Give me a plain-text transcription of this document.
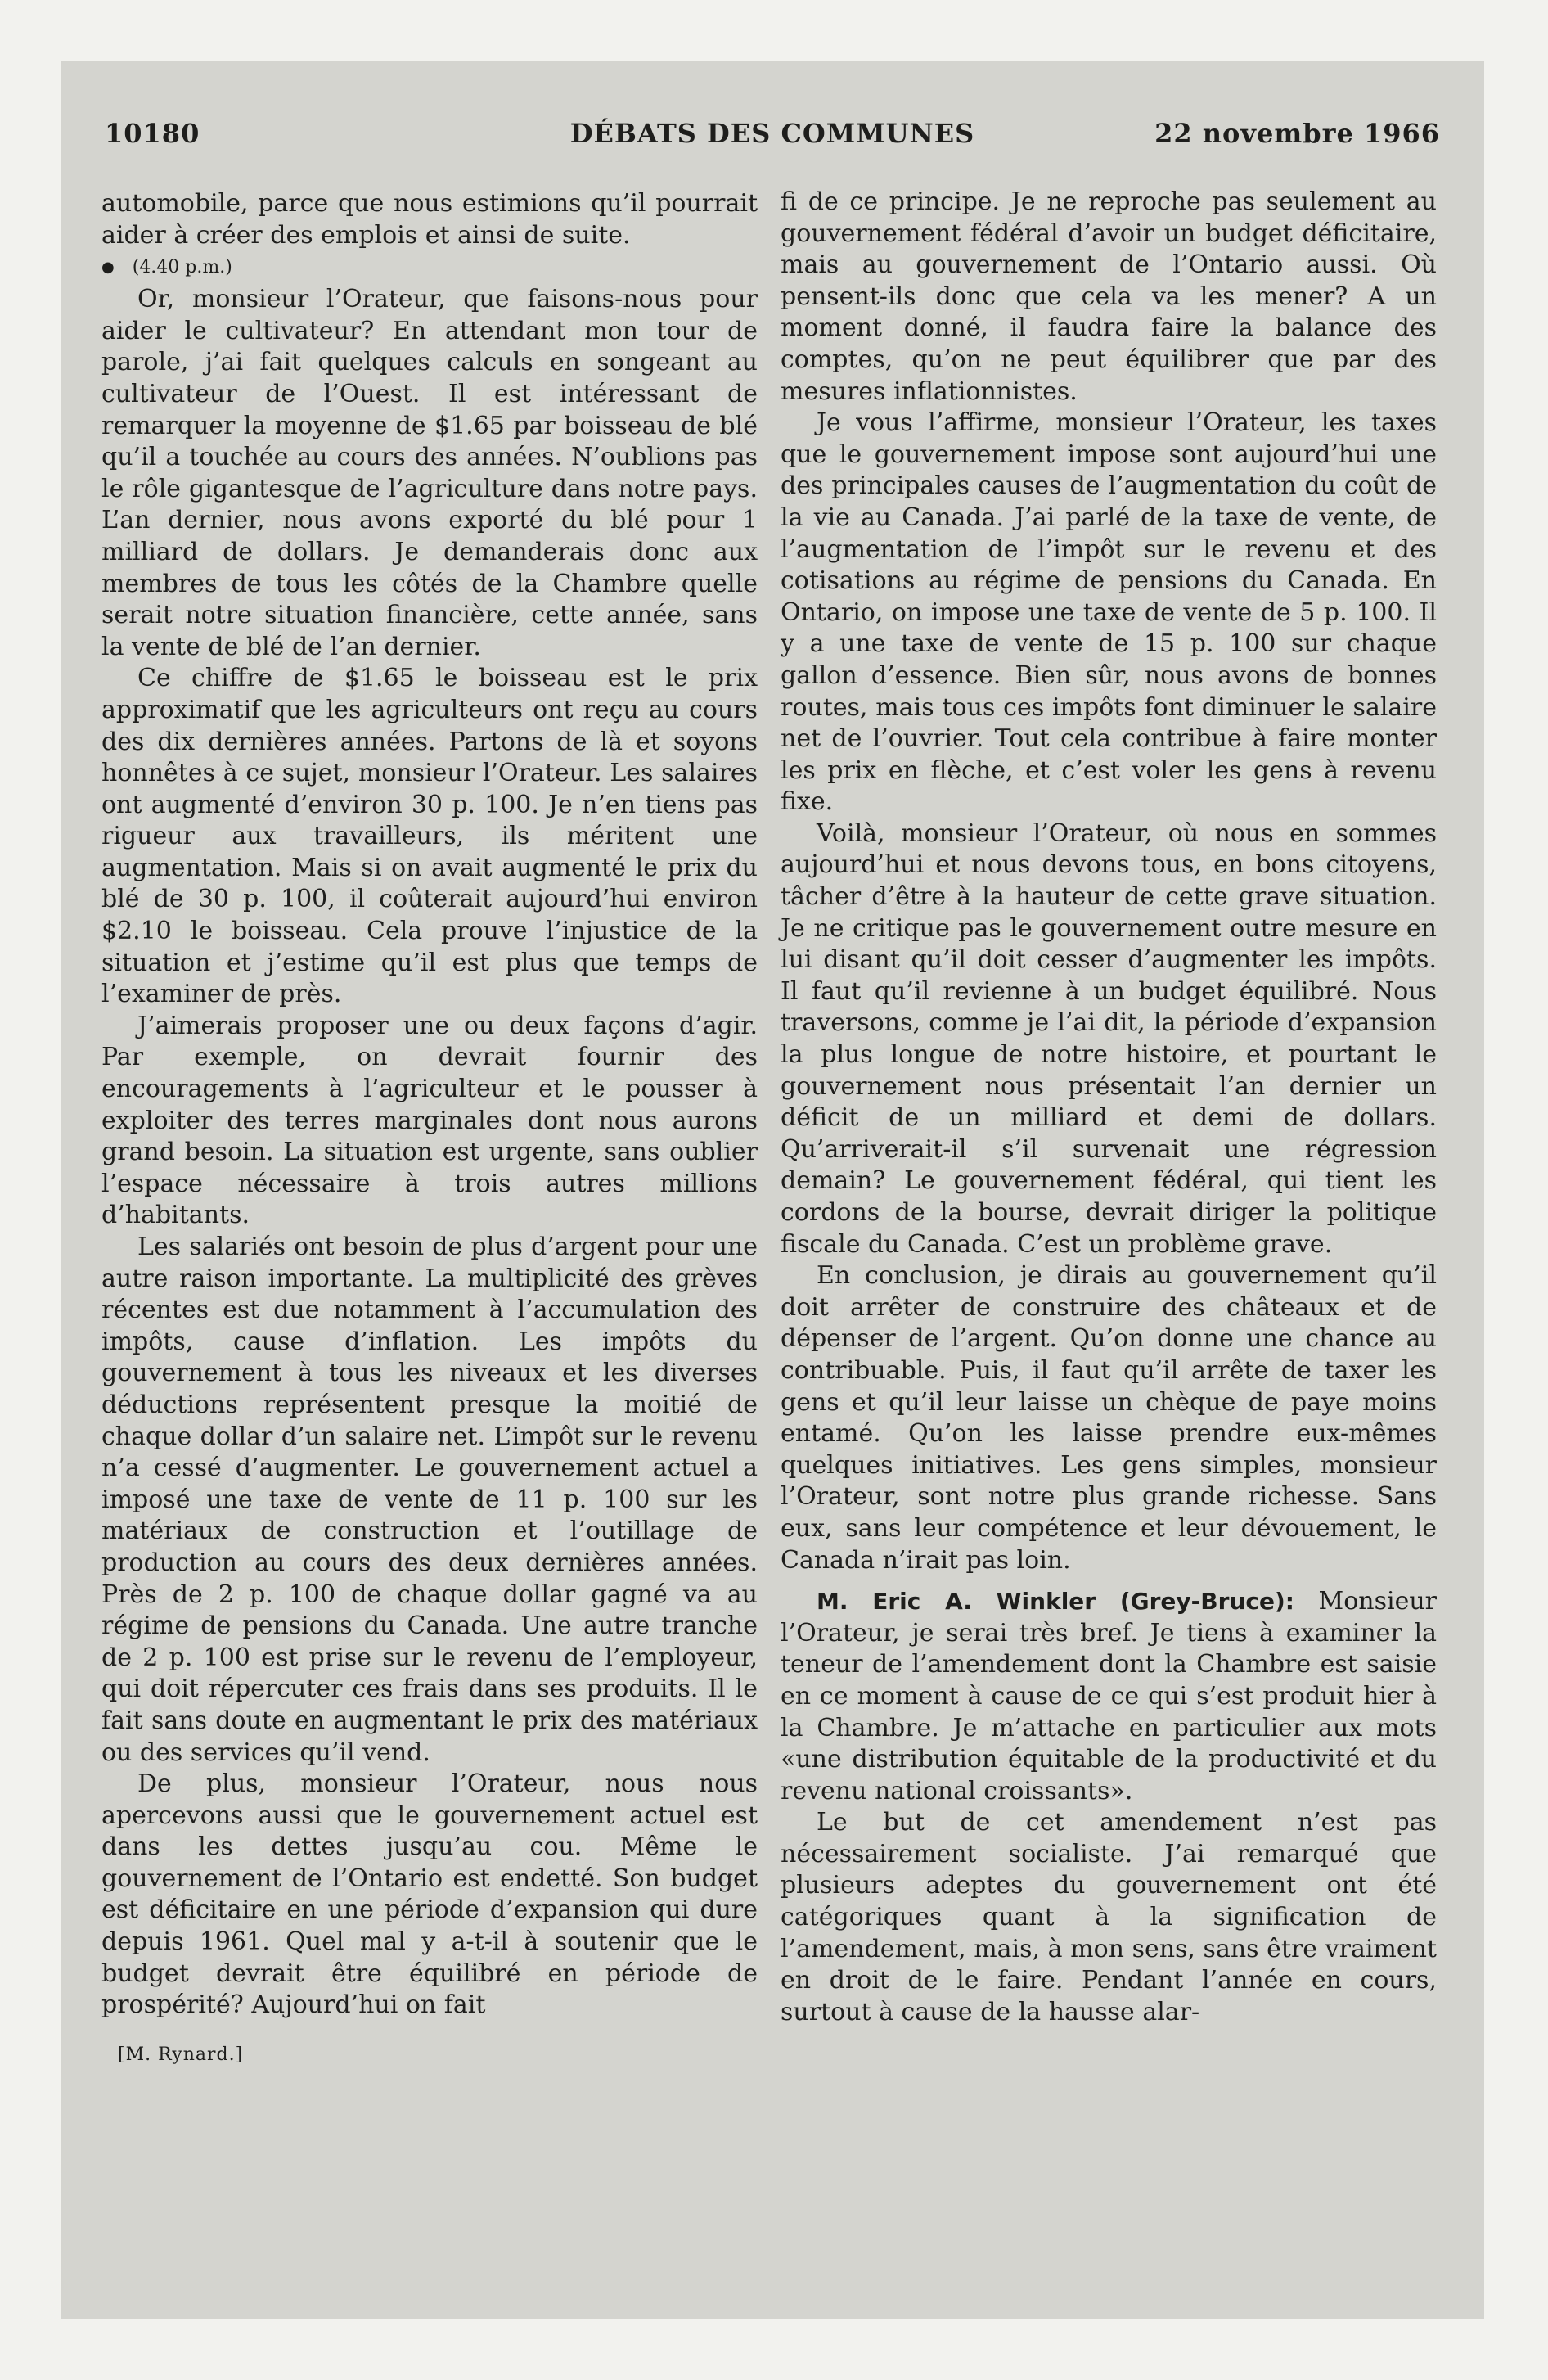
10180	DÉBATS DES COMMUNES	22 novembre 1966

automobile, parce que nous estimions qu’il pourrait aider à créer des emplois et ainsi de suite.

● (4.40 p.m.)

Or, monsieur l’Orateur, que faisons-nous pour aider le cultivateur? En attendant mon tour de parole, j’ai fait quelques calculs en songeant au cultivateur de l’Ouest. Il est intéressant de remarquer la moyenne de $1.65 par boisseau de blé qu’il a touchée au cours des années. N’oublions pas le rôle gigantesque de l’agriculture dans notre pays. L’an dernier, nous avons exporté du blé pour 1 milliard de dollars. Je demanderais donc aux membres de tous les côtés de la Chambre quelle serait notre situation financière, cette année, sans la vente de blé de l’an dernier.

Ce chiffre de $1.65 le boisseau est le prix approximatif que les agriculteurs ont reçu au cours des dix dernières années. Partons de là et soyons honnêtes à ce sujet, monsieur l’Orateur. Les salaires ont augmenté d’environ 30 p. 100. Je n’en tiens pas rigueur aux travailleurs, ils méritent une augmentation. Mais si on avait augmenté le prix du blé de 30 p. 100, il coûterait aujourd’hui environ $2.10 le boisseau. Cela prouve l’injustice de la situation et j’estime qu’il est plus que temps de l’examiner de près.

J’aimerais proposer une ou deux façons d’agir. Par exemple, on devrait fournir des encouragements à l’agriculteur et le pousser à exploiter des terres marginales dont nous aurons grand besoin. La situation est urgente, sans oublier l’espace nécessaire à trois autres millions d’habitants.

Les salariés ont besoin de plus d’argent pour une autre raison importante. La multiplicité des grèves récentes est due notamment à l’accumulation des impôts, cause d’inflation. Les impôts du gouvernement à tous les niveaux et les diverses déductions représentent presque la moitié de chaque dollar d’un salaire net. L’impôt sur le revenu n’a cessé d’augmenter. Le gouvernement actuel a imposé une taxe de vente de 11 p. 100 sur les matériaux de construction et l’outillage de production au cours des deux dernières années. Près de 2 p. 100 de chaque dollar gagné va au régime de pensions du Canada. Une autre tranche de 2 p. 100 est prise sur le revenu de l’employeur, qui doit répercuter ces frais dans ses produits. Il le fait sans doute en augmentant le prix des matériaux ou des services qu’il vend.

De plus, monsieur l’Orateur, nous nous apercevons aussi que le gouvernement actuel est dans les dettes jusqu’au cou. Même le gouvernement de l’Ontario est endetté. Son budget est déficitaire en une période d’expansion qui dure depuis 1961. Quel mal y a-t-il à soutenir que le budget devrait être équilibré en période de prospérité? Aujourd’hui on fait

[M. Rynard.]

fi de ce principe. Je ne reproche pas seulement au gouvernement fédéral d’avoir un budget déficitaire, mais au gouvernement de l’Ontario aussi. Où pensent-ils donc que cela va les mener? A un moment donné, il faudra faire la balance des comptes, qu’on ne peut équilibrer que par des mesures inflationnistes.

Je vous l’affirme, monsieur l’Orateur, les taxes que le gouvernement impose sont aujourd’hui une des principales causes de l’augmentation du coût de la vie au Canada. J’ai parlé de la taxe de vente, de l’augmentation de l’impôt sur le revenu et des cotisations au régime de pensions du Canada. En Ontario, on impose une taxe de vente de 5 p. 100. Il y a une taxe de vente de 15 p. 100 sur chaque gallon d’essence. Bien sûr, nous avons de bonnes routes, mais tous ces impôts font diminuer le salaire net de l’ouvrier. Tout cela contribue à faire monter les prix en flèche, et c’est voler les gens à revenu fixe.

Voilà, monsieur l’Orateur, où nous en sommes aujourd’hui et nous devons tous, en bons citoyens, tâcher d’être à la hauteur de cette grave situation. Je ne critique pas le gouvernement outre mesure en lui disant qu’il doit cesser d’augmenter les impôts. Il faut qu’il revienne à un budget équilibré. Nous traversons, comme je l’ai dit, la période d’expansion la plus longue de notre histoire, et pourtant le gouvernement nous présentait l’an dernier un déficit de un milliard et demi de dollars. Qu’arriverait-il s’il survenait une régression demain? Le gouvernement fédéral, qui tient les cordons de la bourse, devrait diriger la politique fiscale du Canada. C’est un problème grave.

En conclusion, je dirais au gouvernement qu’il doit arrêter de construire des châteaux et de dépenser de l’argent. Qu’on donne une chance au contribuable. Puis, il faut qu’il arrête de taxer les gens et qu’il leur laisse un chèque de paye moins entamé. Qu’on les laisse prendre eux-mêmes quelques initiatives. Les gens simples, monsieur l’Orateur, sont notre plus grande richesse. Sans eux, sans leur compétence et leur dévouement, le Canada n’irait pas loin.

M. Eric A. Winkler (Grey-Bruce): Monsieur l’Orateur, je serai très bref. Je tiens à examiner la teneur de l’amendement dont la Chambre est saisie en ce moment à cause de ce qui s’est produit hier à la Chambre. Je m’attache en particulier aux mots «une distribution équitable de la productivité et du revenu national croissants».

Le but de cet amendement n’est pas nécessairement socialiste. J’ai remarqué que plusieurs adeptes du gouvernement ont été catégoriques quant à la signification de l’amendement, mais, à mon sens, sans être vraiment en droit de le faire. Pendant l’année en cours, surtout à cause de la hausse alar-
